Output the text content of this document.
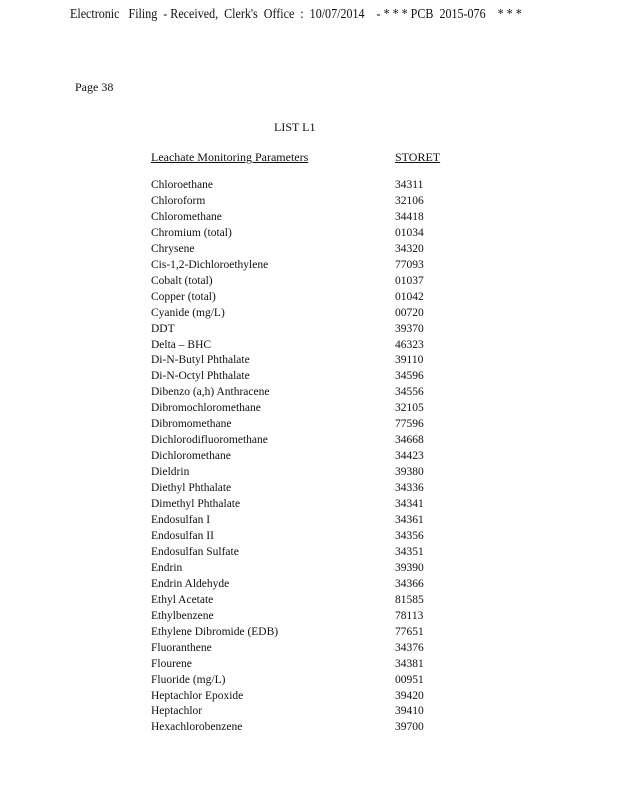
Electronic   Filing  - Received,  Clerk's  Office  :  10/07/2014    - * * * PCB  2015-076    * * *
Page 38
LIST L1
Leachate Monitoring Parameters	STORET
Chloroethane	34311
Chloroform	32106
Chloromethane	34418
Chromium (total)	01034
Chrysene	34320
Cis-1,2-Dichloroethylene	77093
Cobalt (total)	01037
Copper (total)	01042
Cyanide (mg/L)	00720
DDT	39370
Delta – BHC	46323
Di-N-Butyl Phthalate	39110
Di-N-Octyl Phthalate	34596
Dibenzo (a,h) Anthracene	34556
Dibromochloromethane	32105
Dibromomethane	77596
Dichlorodifluoromethane	34668
Dichloromethane	34423
Dieldrin	39380
Diethyl Phthalate	34336
Dimethyl Phthalate	34341
Endosulfan I	34361
Endosulfan II	34356
Endosulfan Sulfate	34351
Endrin	39390
Endrin Aldehyde	34366
Ethyl Acetate	81585
Ethylbenzene	78113
Ethylene Dibromide (EDB)	77651
Fluoranthene	34376
Flourene	34381
Fluoride (mg/L)	00951
Heptachlor Epoxide	39420
Heptachlor	39410
Hexachlorobenzene	39700
